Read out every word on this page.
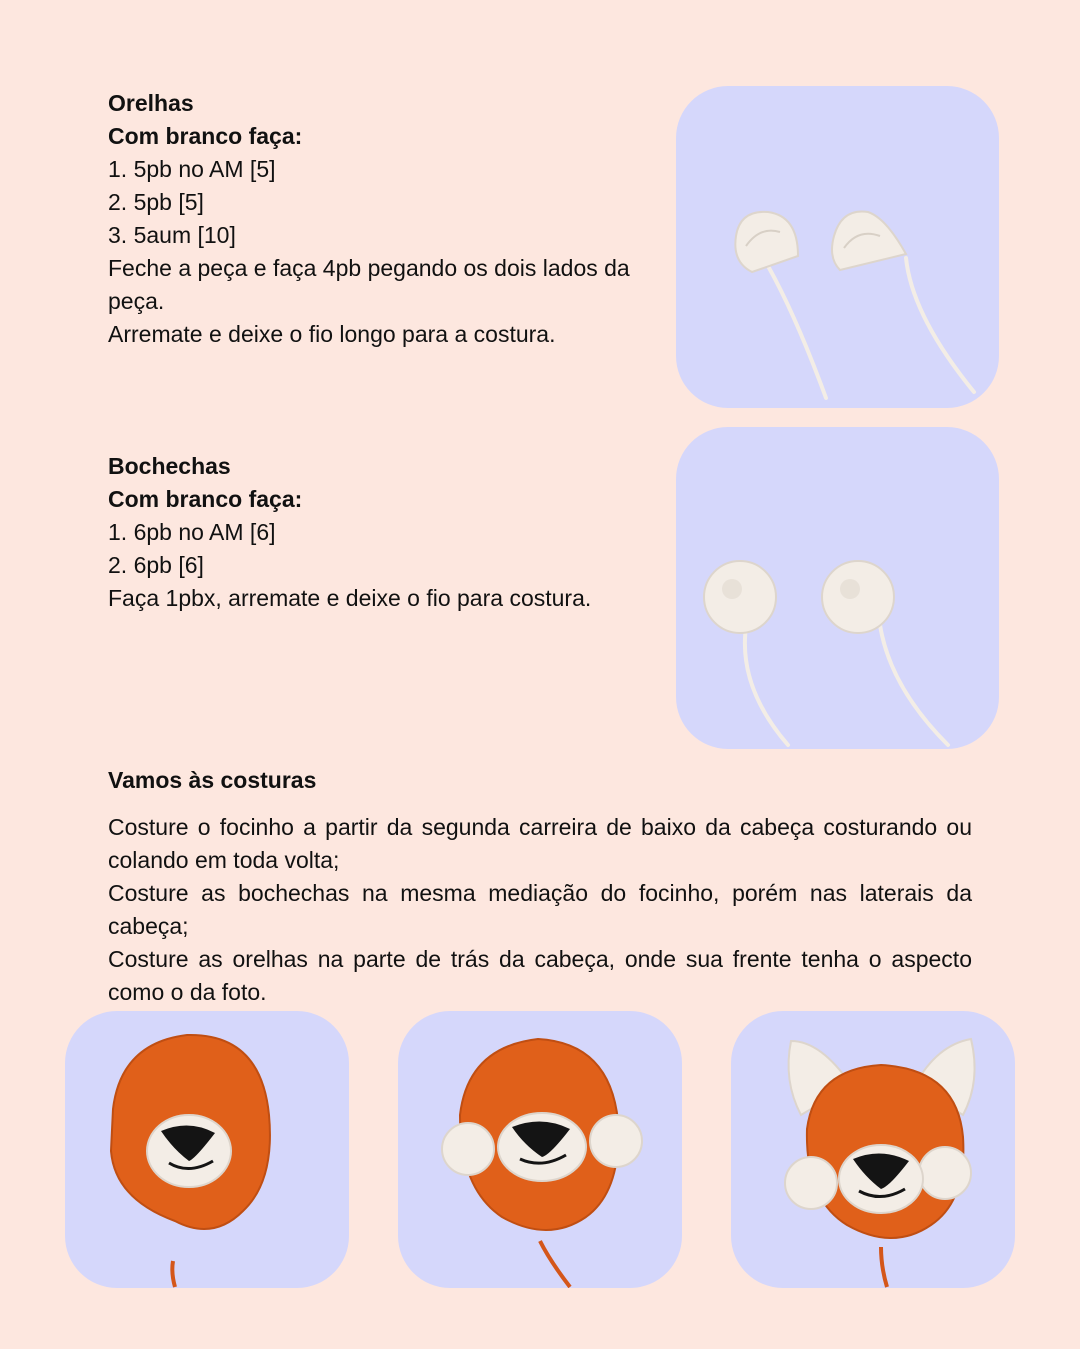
Orelhas
Com branco faça:
1. 5pb no AM [5]
2. 5pb [5]
3. 5aum [10]
Feche a peça e faça 4pb pegando os dois lados da peça.
Arremate e deixe o fio longo para a costura.
Bochechas
Com branco faça:
1. 6pb no AM [6]
2. 6pb [6]
Faça 1pbx, arremate e deixe o fio para costura.
Vamos às costuras
Costure o focinho a partir da segunda carreira de baixo da cabeça costurando ou colando em toda volta;
Costure as bochechas na mesma mediação do focinho, porém nas laterais da cabeça;
Costure as orelhas na parte de trás da cabeça, onde sua frente tenha o aspecto como o da foto.
